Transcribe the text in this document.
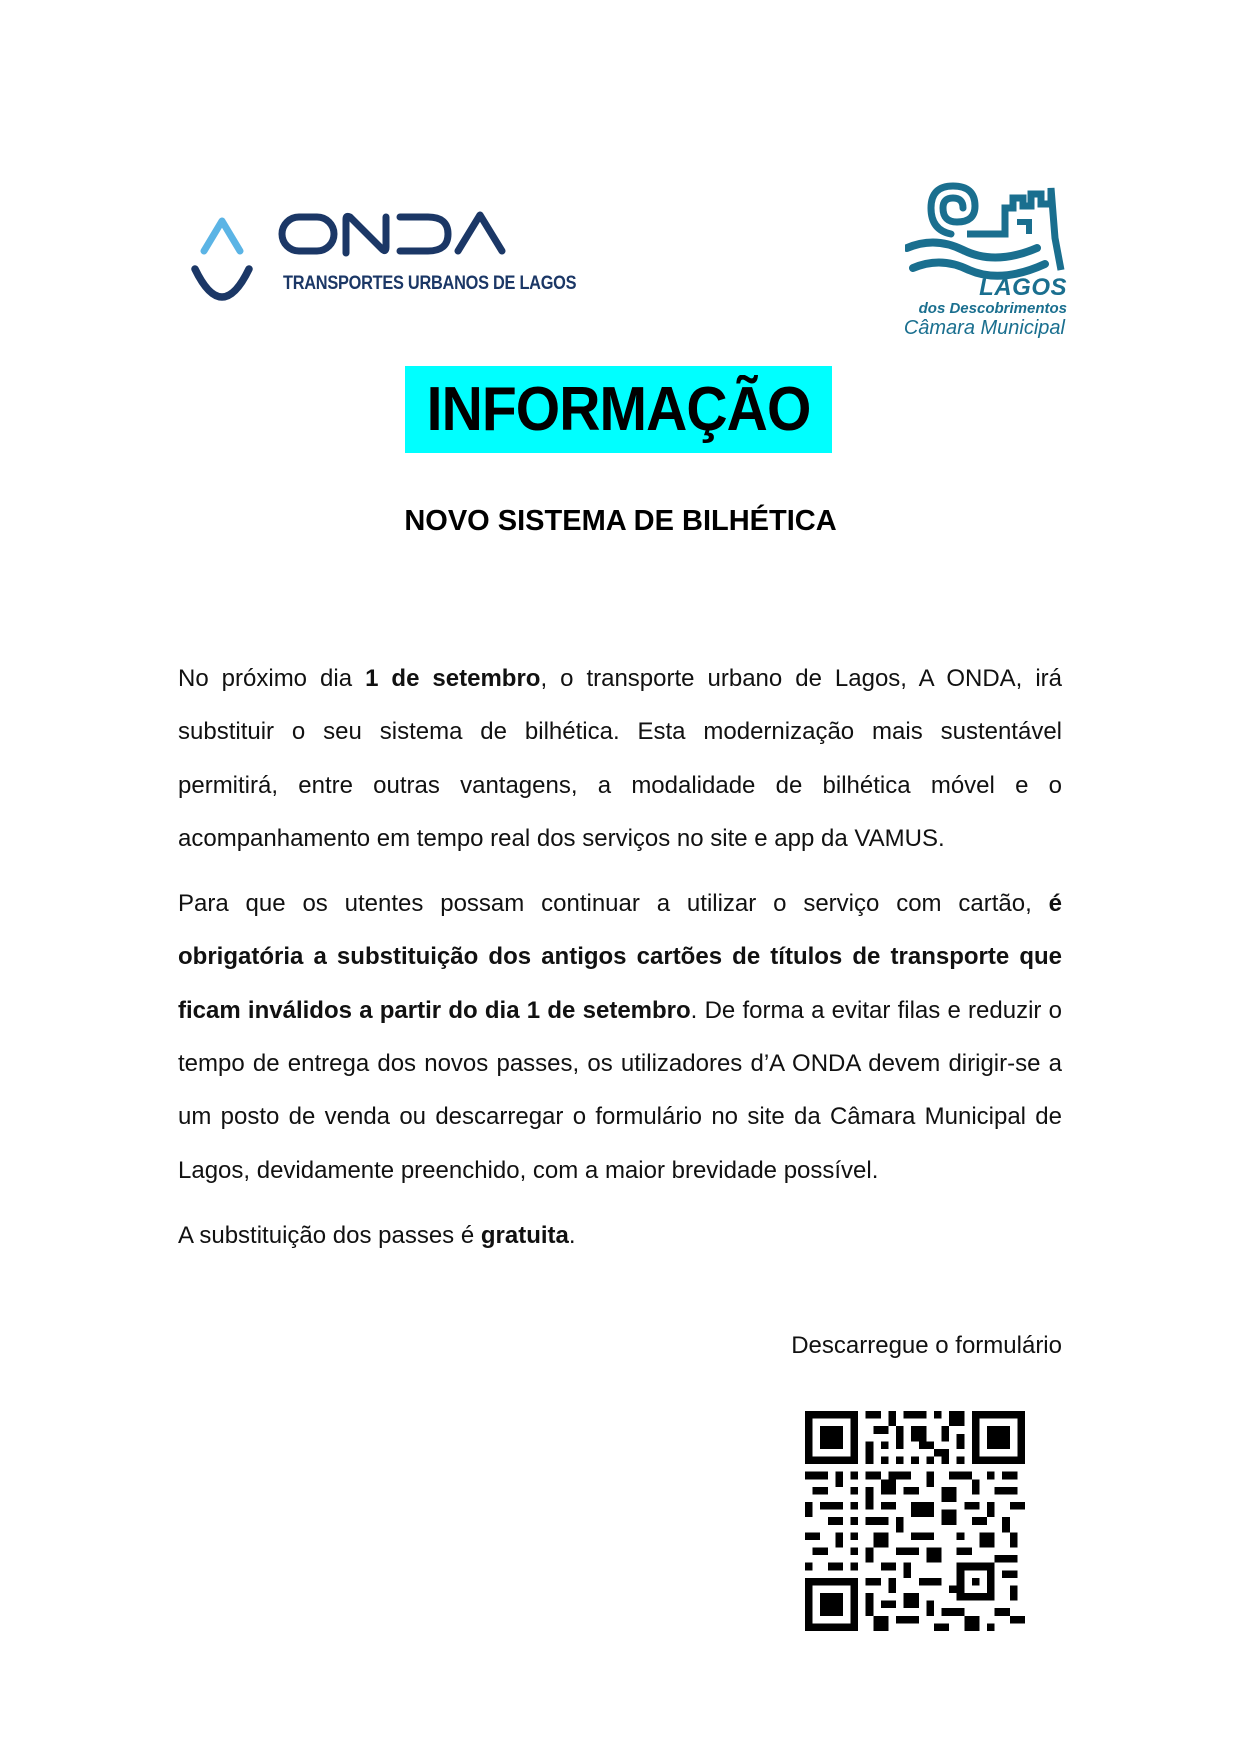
TRANSPORTES URBANOS DE LAGOS	LAGOS
dos Descobrimentos
Câmara Municipal
INFORMAÇÃO
NOVO SISTEMA DE BILHÉTICA

No próximo dia 1 de setembro, o transporte urbano de Lagos, A ONDA, irá substituir o seu sistema de bilhética. Esta modernização mais sustentável permitirá, entre outras vantagens, a modalidade de bilhética móvel e o acompanhamento em tempo real dos serviços no site e app da VAMUS.

Para que os utentes possam continuar a utilizar o serviço com cartão, é obrigatória a substituição dos antigos cartões de títulos de transporte que ficam inválidos a partir do dia 1 de setembro. De forma a evitar filas e reduzir o tempo de entrega dos novos passes, os utilizadores d’A ONDA devem dirigir-se a um posto de venda ou descarregar o formulário no site da Câmara Municipal de Lagos, devidamente preenchido, com a maior brevidade possível.

A substituição dos passes é gratuita.

Descarregue o formulário
